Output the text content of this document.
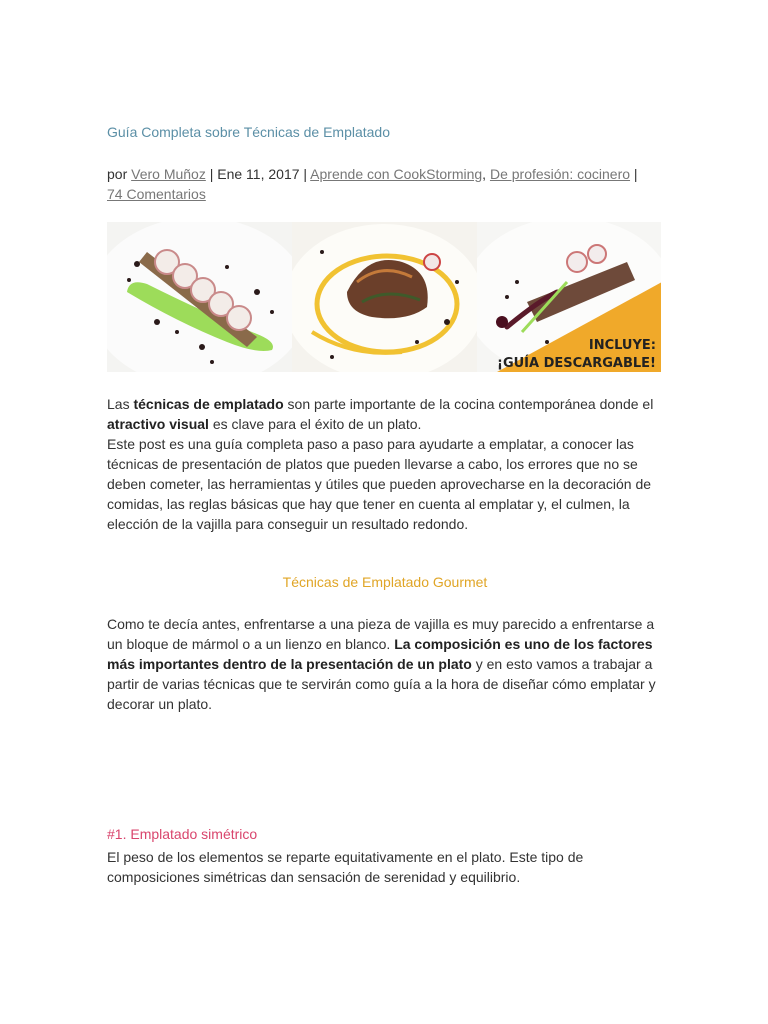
Guía Completa sobre Técnicas de Emplatado
por Vero Muñoz | Ene 11, 2017 | Aprende con CookStorming, De profesión: cocinero | 74 Comentarios
INCLUYE:
¡GUÍA DESCARGABLE!

Las técnicas de emplatado son parte importante de la cocina contemporánea donde el atractivo visual es clave para el éxito de un plato.
Este post es una guía completa paso a paso para ayudarte a emplatar, a conocer las técnicas de presentación de platos que pueden llevarse a cabo, los errores que no se deben cometer, las herramientas y útiles que pueden aprovecharse en la decoración de comidas, las reglas básicas que hay que tener en cuenta al emplatar y, el culmen, la elección de la vajilla para conseguir un resultado redondo.

Técnicas de Emplatado Gourmet

Como te decía antes, enfrentarse a una pieza de vajilla es muy parecido a enfrentarse a un bloque de mármol o a un lienzo en blanco. La composición es uno de los factores más importantes dentro de la presentación de un plato y en esto vamos a trabajar a partir de varias técnicas que te servirán como guía a la hora de diseñar cómo emplatar y decorar un plato.

#1. Emplatado simétrico

El peso de los elementos se reparte equitativamente en el plato. Este tipo de composiciones simétricas dan sensación de serenidad y equilibrio.
